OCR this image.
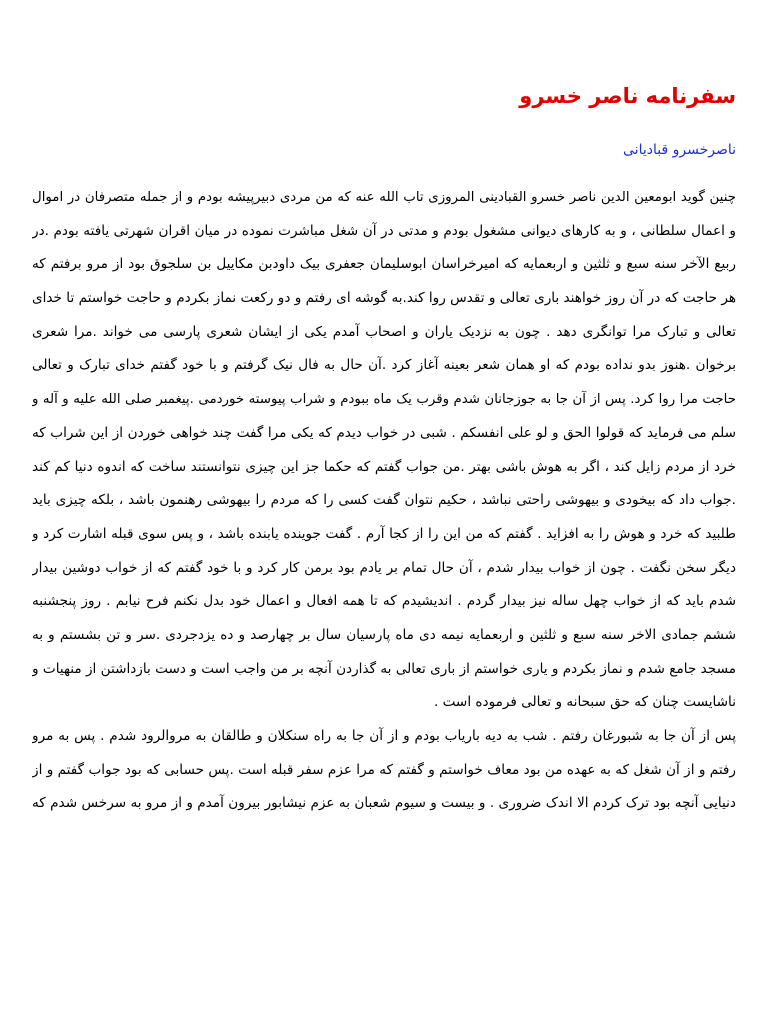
سفرنامه ناصر خسرو
ناصرخسرو قبادیانی
چنین گوید ابومعین الدین ناصر خسرو القبادینی المروزی تاب الله عنه که من مردی دبیرپیشه بودم و از جمله متصرفان در اموال
و اعمال سلطانی ، و به کارهای دیوانی مشغول بودم و مدتی در آن شغل مباشرت نموده در میان اقران شهرتی یافته بودم .در
ربیع الآخر سنه سبع و ثلثین و اربعمایه که امیرخراسان ابوسلیمان جعفری بیک داودبن مکاییل بن سلجوق بود از مرو برفتم که
هر حاجت که در آن روز خواهند باری تعالی و تقدس روا کند.به گوشه ای رفتم و دو رکعت نماز بکردم و حاجت خواستم تا خدای
تعالی و تبارک مرا توانگری دهد . چون به نزدیک یاران و اصحاب آمدم یکی از ایشان شعری پارسی می خواند .مرا شعری
برخوان .هنوز بدو نداده بودم که او همان شعر بعینه آغاز کرد .آن حال به فال نیک گرفتم و با خود گفتم خدای تبارک و تعالی
حاجت مرا روا کرد. پس از آن جا به جوزجانان شدم وقرب یک ماه ببودم و شراب پیوسته خوردمی .پیغمبر صلی الله علیه و آله و
سلم می فرماید که قولوا الحق و لو علی انفسکم . شبی در خواب دیدم که یکی مرا گفت چند خواهی خوردن از این شراب که
خرد از مردم زایل کند ، اگر به هوش باشی بهتر .من جواب گفتم که حکما جز این چیزی نتوانستند ساخت که اندوه دنیا کم کند
.جواب داد که بیخودی و بیهوشی راحتی نباشد ، حکیم نتوان گفت کسی را که مردم را بیهوشی رهنمون باشد ، بلکه چیزی باید
طلبید که خرد و هوش را به افزاید . گفتم که من این را از کجا آرم . گفت جوینده یابنده باشد ، و پس سوی قبله اشارت کرد و
دیگر سخن نگفت . چون از خواب بیدار شدم ، آن حال تمام بر یادم بود برمن کار کرد و با خود گفتم که از خواب دوشین بیدار
شدم باید که از خواب چهل ساله نیز بیدار گردم . اندیشیدم که تا همه افعال و اعمال خود بدل نکنم فرح نیابم . روز پنجشنبه
ششم جمادی الاخر سنه سبع و ثلثین و اربعمایه نیمه دی ماه پارسیان سال بر چهارصد و ده یزدجردی .سر و تن بشستم و به
مسجد جامع شدم و نماز بکردم و یاری خواستم از باری تعالی به گذاردن آنچه بر من واجب است و دست بازداشتن از منهیات و
ناشایست چنان که حق سبحانه و تعالی فرموده است .
پس از آن جا به شبورغان رفتم . شب به دیه باریاب بودم و از آن جا به راه سنکلان و طالقان به مروالرود شدم . پس به مرو
رفتم و از آن شغل که به عهده من بود معاف خواستم و گفتم که مرا عزم سفر قبله است .پس حسابی که بود جواب گفتم و از
دنیایی آنچه بود ترک کردم الا اندک ضروری . و بیست و سیوم شعبان به عزم نیشابور بیرون آمدم و از مرو به سرخس شدم که
